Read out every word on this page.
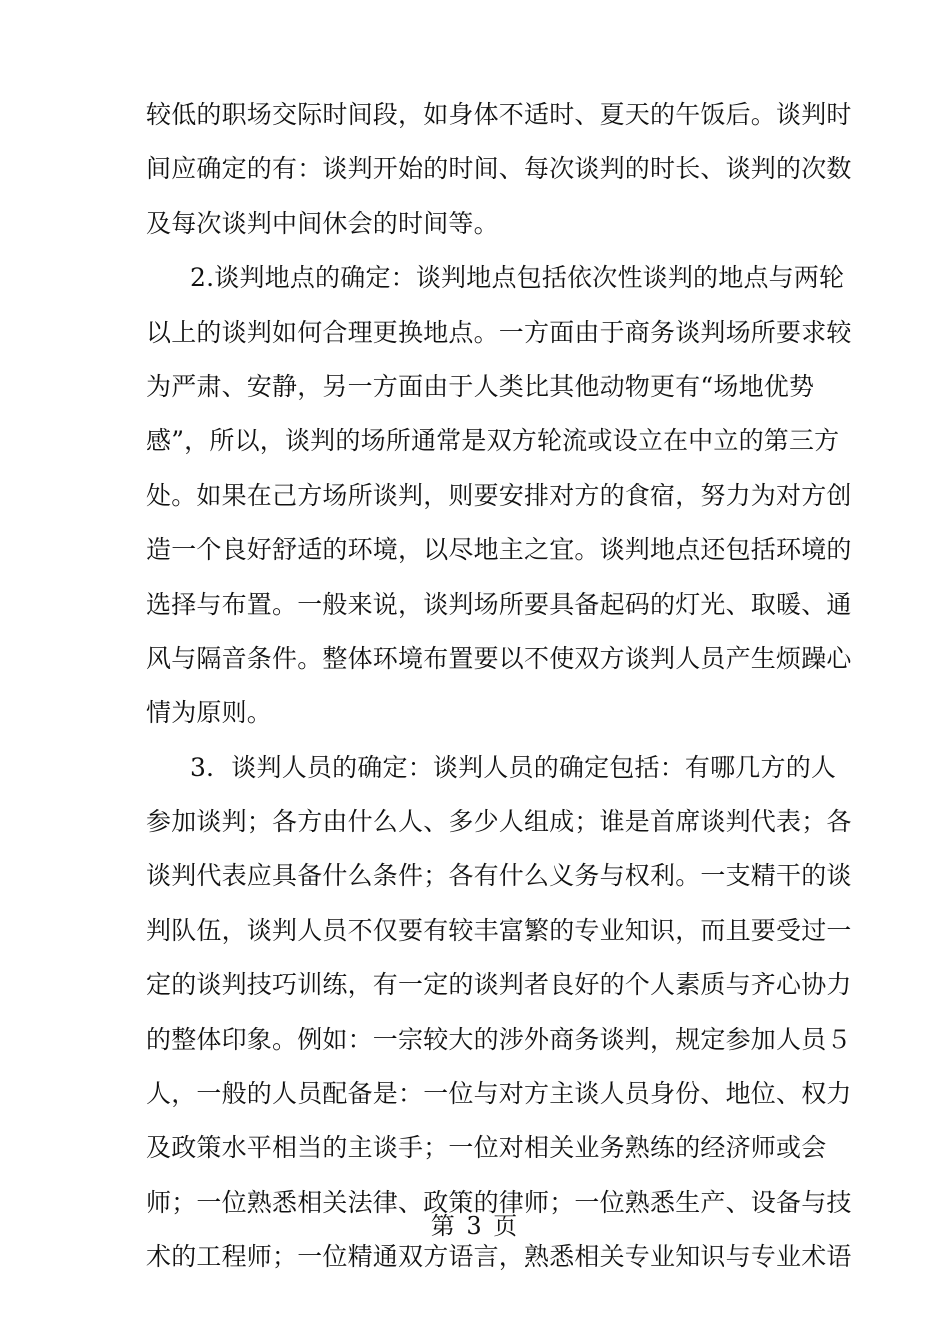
较低的职场交际时间段，如身体不适时、夏天的午饭后。谈判时
间应确定的有：谈判开始的时间、每次谈判的时长、谈判的次数
及每次谈判中间休会的时间等。
2.谈判地点的确定：谈判地点包括依次性谈判的地点与两轮
以上的谈判如何合理更换地点。一方面由于商务谈判场所要求较
为严肃、安静，另一方面由于人类比其他动物更有“场地优势
感”，所以，谈判的场所通常是双方轮流或设立在中立的第三方
处。如果在己方场所谈判，则要安排对方的食宿，努力为对方创
造一个良好舒适的环境，以尽地主之宜。谈判地点还包括环境的
选择与布置。一般来说，谈判场所要具备起码的灯光、取暖、通
风与隔音条件。整体环境布置要以不使双方谈判人员产生烦躁心
情为原则。
3．谈判人员的确定：谈判人员的确定包括：有哪几方的人
参加谈判；各方由什么人、多少人组成；谁是首席谈判代表；各
谈判代表应具备什么条件；各有什么义务与权利。一支精干的谈
判队伍，谈判人员不仅要有较丰富繁的专业知识，而且要受过一
定的谈判技巧训练，有一定的谈判者良好的个人素质与齐心协力
的整体印象。例如：一宗较大的涉外商务谈判，规定参加人员５
人，一般的人员配备是：一位与对方主谈人员身份、地位、权力
及政策水平相当的主谈手；一位对相关业务熟练的经济师或会
师；一位熟悉相关法律、政策的律师；一位熟悉生产、设备与技
术的工程师；一位精通双方语言，熟悉相关专业知识与专业术语
第 3 页
